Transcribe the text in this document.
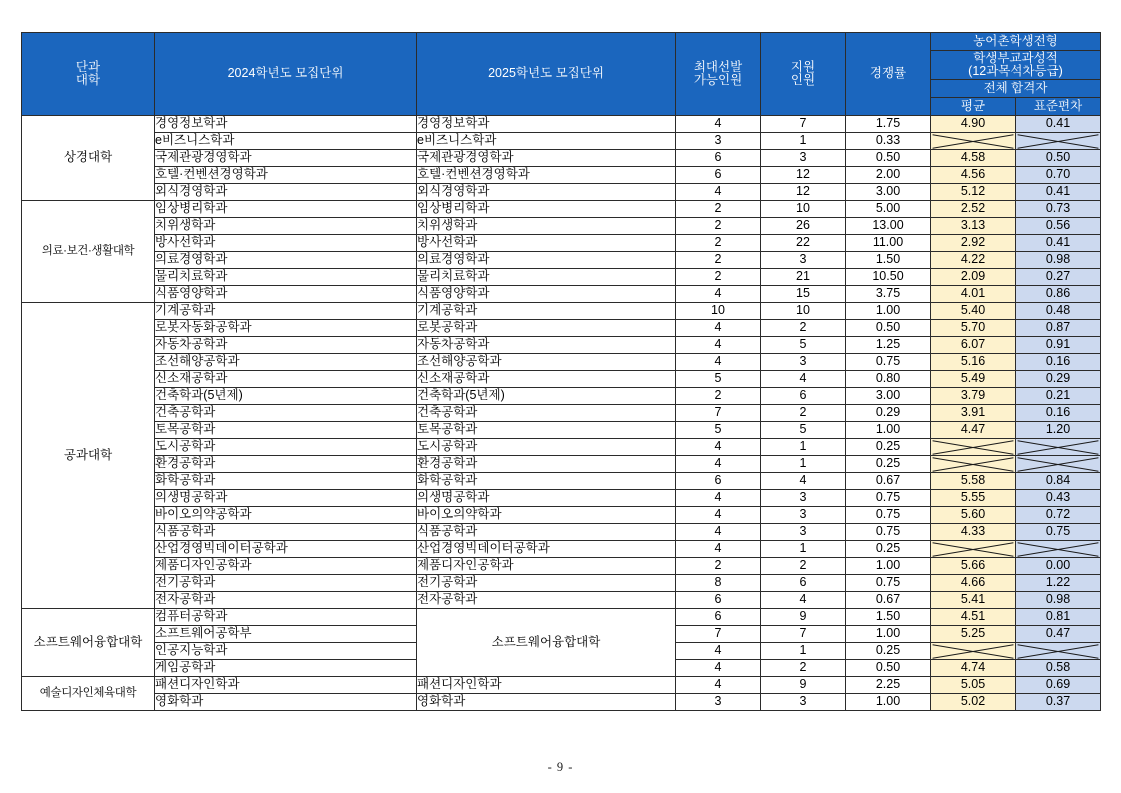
단과
대학	2024학년도 모집단위	2025학년도 모집단위	최대선발
가능인원	지원
인원	경쟁률	농어촌학생전형	
						학생부교과성적
(12과목석차등급)	
						전체 합격자	
						평균	표준편차
상경대학	경영정보학과	경영정보학과	4	7	1.75	4.90	0.41
	e비즈니스학과	e비즈니스학과	3	1	0.33		
	국제관광경영학과	국제관광경영학과	6	3	0.50	4.58	0.50
	호텔·컨벤션경영학과	호텔·컨벤션경영학과	6	12	2.00	4.56	0.70
	외식경영학과	외식경영학과	4	12	3.00	5.12	0.41
의료·보건·생활대학	임상병리학과	임상병리학과	2	10	5.00	2.52	0.73
	치위생학과	치위생학과	2	26	13.00	3.13	0.56
	방사선학과	방사선학과	2	22	11.00	2.92	0.41
	의료경영학과	의료경영학과	2	3	1.50	4.22	0.98
	물리치료학과	물리치료학과	2	21	10.50	2.09	0.27
	식품영양학과	식품영양학과	4	15	3.75	4.01	0.86
공과대학	기계공학과	기계공학과	10	10	1.00	5.40	0.48
	로봇자동화공학과	로봇공학과	4	2	0.50	5.70	0.87
	자동차공학과	자동차공학과	4	5	1.25	6.07	0.91
	조선해양공학과	조선해양공학과	4	3	0.75	5.16	0.16
	신소재공학과	신소재공학과	5	4	0.80	5.49	0.29
	건축학과(5년제)	건축학과(5년제)	2	6	3.00	3.79	0.21
	건축공학과	건축공학과	7	2	0.29	3.91	0.16
	토목공학과	토목공학과	5	5	1.00	4.47	1.20
	도시공학과	도시공학과	4	1	0.25		
	환경공학과	환경공학과	4	1	0.25		
	화학공학과	화학공학과	6	4	0.67	5.58	0.84
	의생명공학과	의생명공학과	4	3	0.75	5.55	0.43
	바이오의약공학과	바이오의약학과	4	3	0.75	5.60	0.72
	식품공학과	식품공학과	4	3	0.75	4.33	0.75
	산업경영빅데이터공학과	산업경영빅데이터공학과	4	1	0.25		
	제품디자인공학과	제품디자인공학과	2	2	1.00	5.66	0.00
	전기공학과	전기공학과	8	6	0.75	4.66	1.22
	전자공학과	전자공학과	6	4	0.67	5.41	0.98
소프트웨어융합대학	컴퓨터공학과	소프트웨어융합대학	6	9	1.50	4.51	0.81
	소프트웨어공학부		7	7	1.00	5.25	0.47
	인공지능학과		4	1	0.25		
	게임공학과		4	2	0.50	4.74	0.58
예술디자인체육대학	패션디자인학과	패션디자인학과	4	9	2.25	5.05	0.69
	영화학과	영화학과	3	3	1.00	5.02	0.37
- 9 -
